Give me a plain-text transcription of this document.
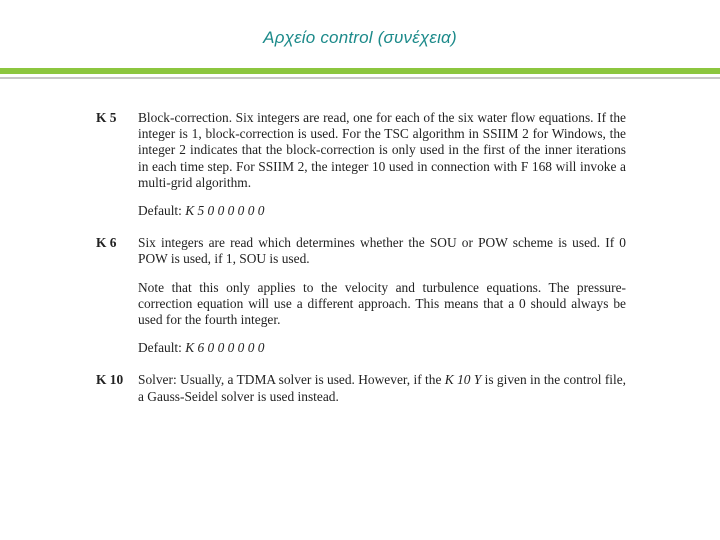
Αρχείο control (συνέχεια)
K 5	Block-correction. Six integers are read, one for each of the six water flow equations. If the integer is 1, block-correction is used. For the TSC algorithm in SSIIM 2 for Windows, the integer 2 indicates that the block-correction is only used in the first of the inner iterations in each time step. For SSIIM 2, the integer 10 used in connection with F 168 will invoke a multi-grid algorithm.

Default: K 5 0 0 0 0 0 0

K 6	Six integers are read which determines whether the SOU or POW scheme is used. If 0 POW is used, if 1, SOU is used.

Note that this only applies to the velocity and turbulence equations. The pressure-correction equation will use a different approach. This means that a 0 should always be used for the fourth integer.

Default: K 6 0 0 0 0 0 0

K 10	Solver: Usually, a TDMA solver is used. However, if the K 10 Y is given in the control file, a Gauss-Seidel solver is used instead.
